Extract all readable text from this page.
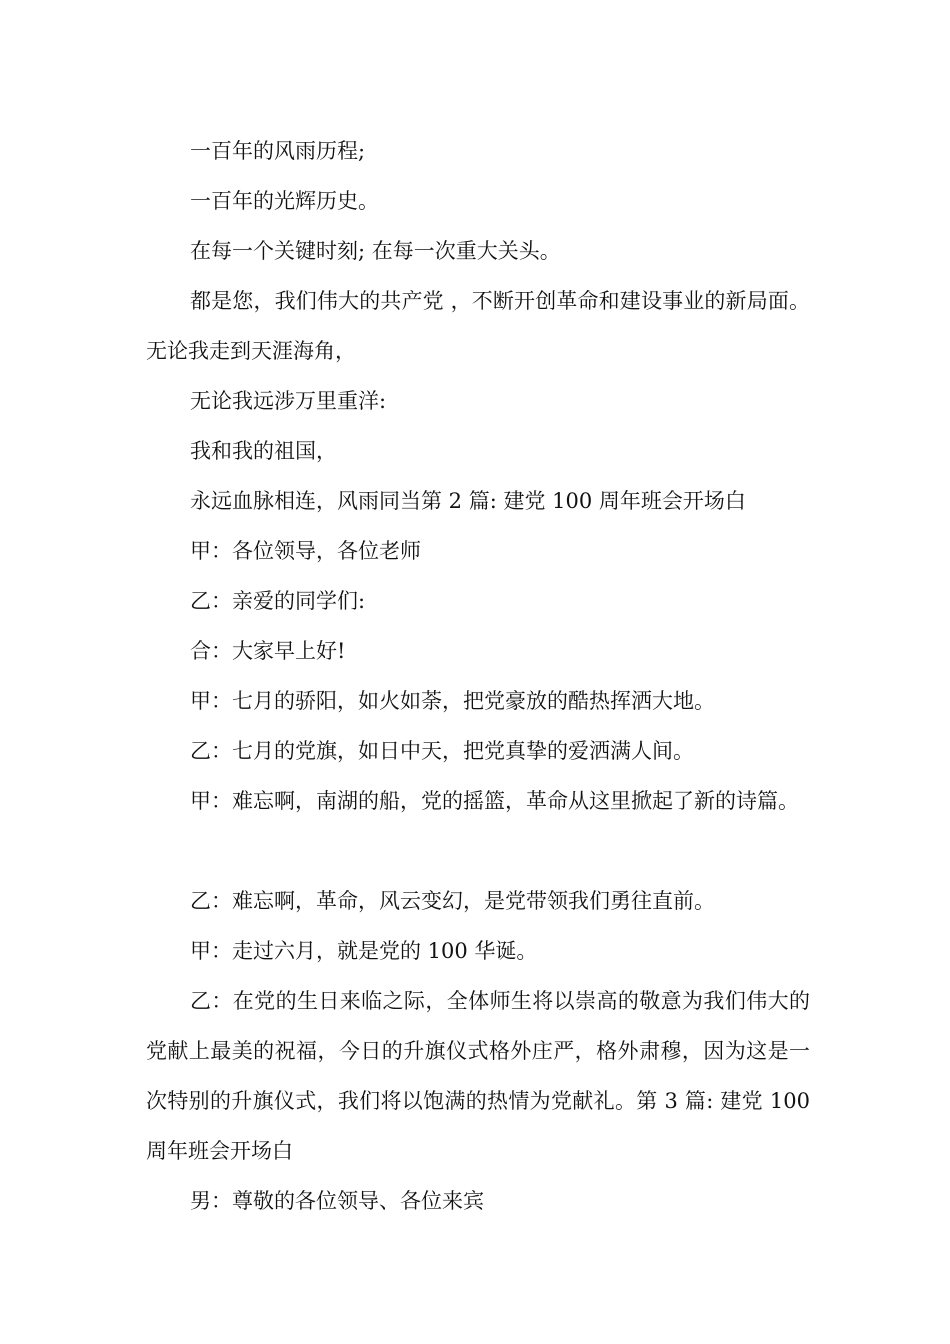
一百年的风雨历程;

一百年的光辉历史。

在每一个关键时刻; 在每一次重大关头。

都是您，我们伟大的共产党 ，不断开创革命和建设事业的新局面。无论我走到天涯海角，

无论我远涉万里重洋:

我和我的祖国，

永远血脉相连，风雨同当第 2 篇: 建党 100 周年班会开场白

甲：各位领导，各位老师

乙：亲爱的同学们:

合：大家早上好!

甲：七月的骄阳，如火如荼，把党豪放的酷热挥洒大地。

乙：七月的党旗，如日中天，把党真挚的爱洒满人间。

甲：难忘啊，南湖的船，党的摇篮，革命从这里掀起了新的诗篇。

乙：难忘啊，革命，风云变幻，是党带领我们勇往直前。

甲：走过六月，就是党的 100 华诞。

乙：在党的生日来临之际，全体师生将以崇高的敬意为我们伟大的党献上最美的祝福，今日的升旗仪式格外庄严，格外肃穆，因为这是一次特别的升旗仪式，我们将以饱满的热情为党献礼。第 3 篇: 建党 100 周年班会开场白

男：尊敬的各位领导、各位来宾
